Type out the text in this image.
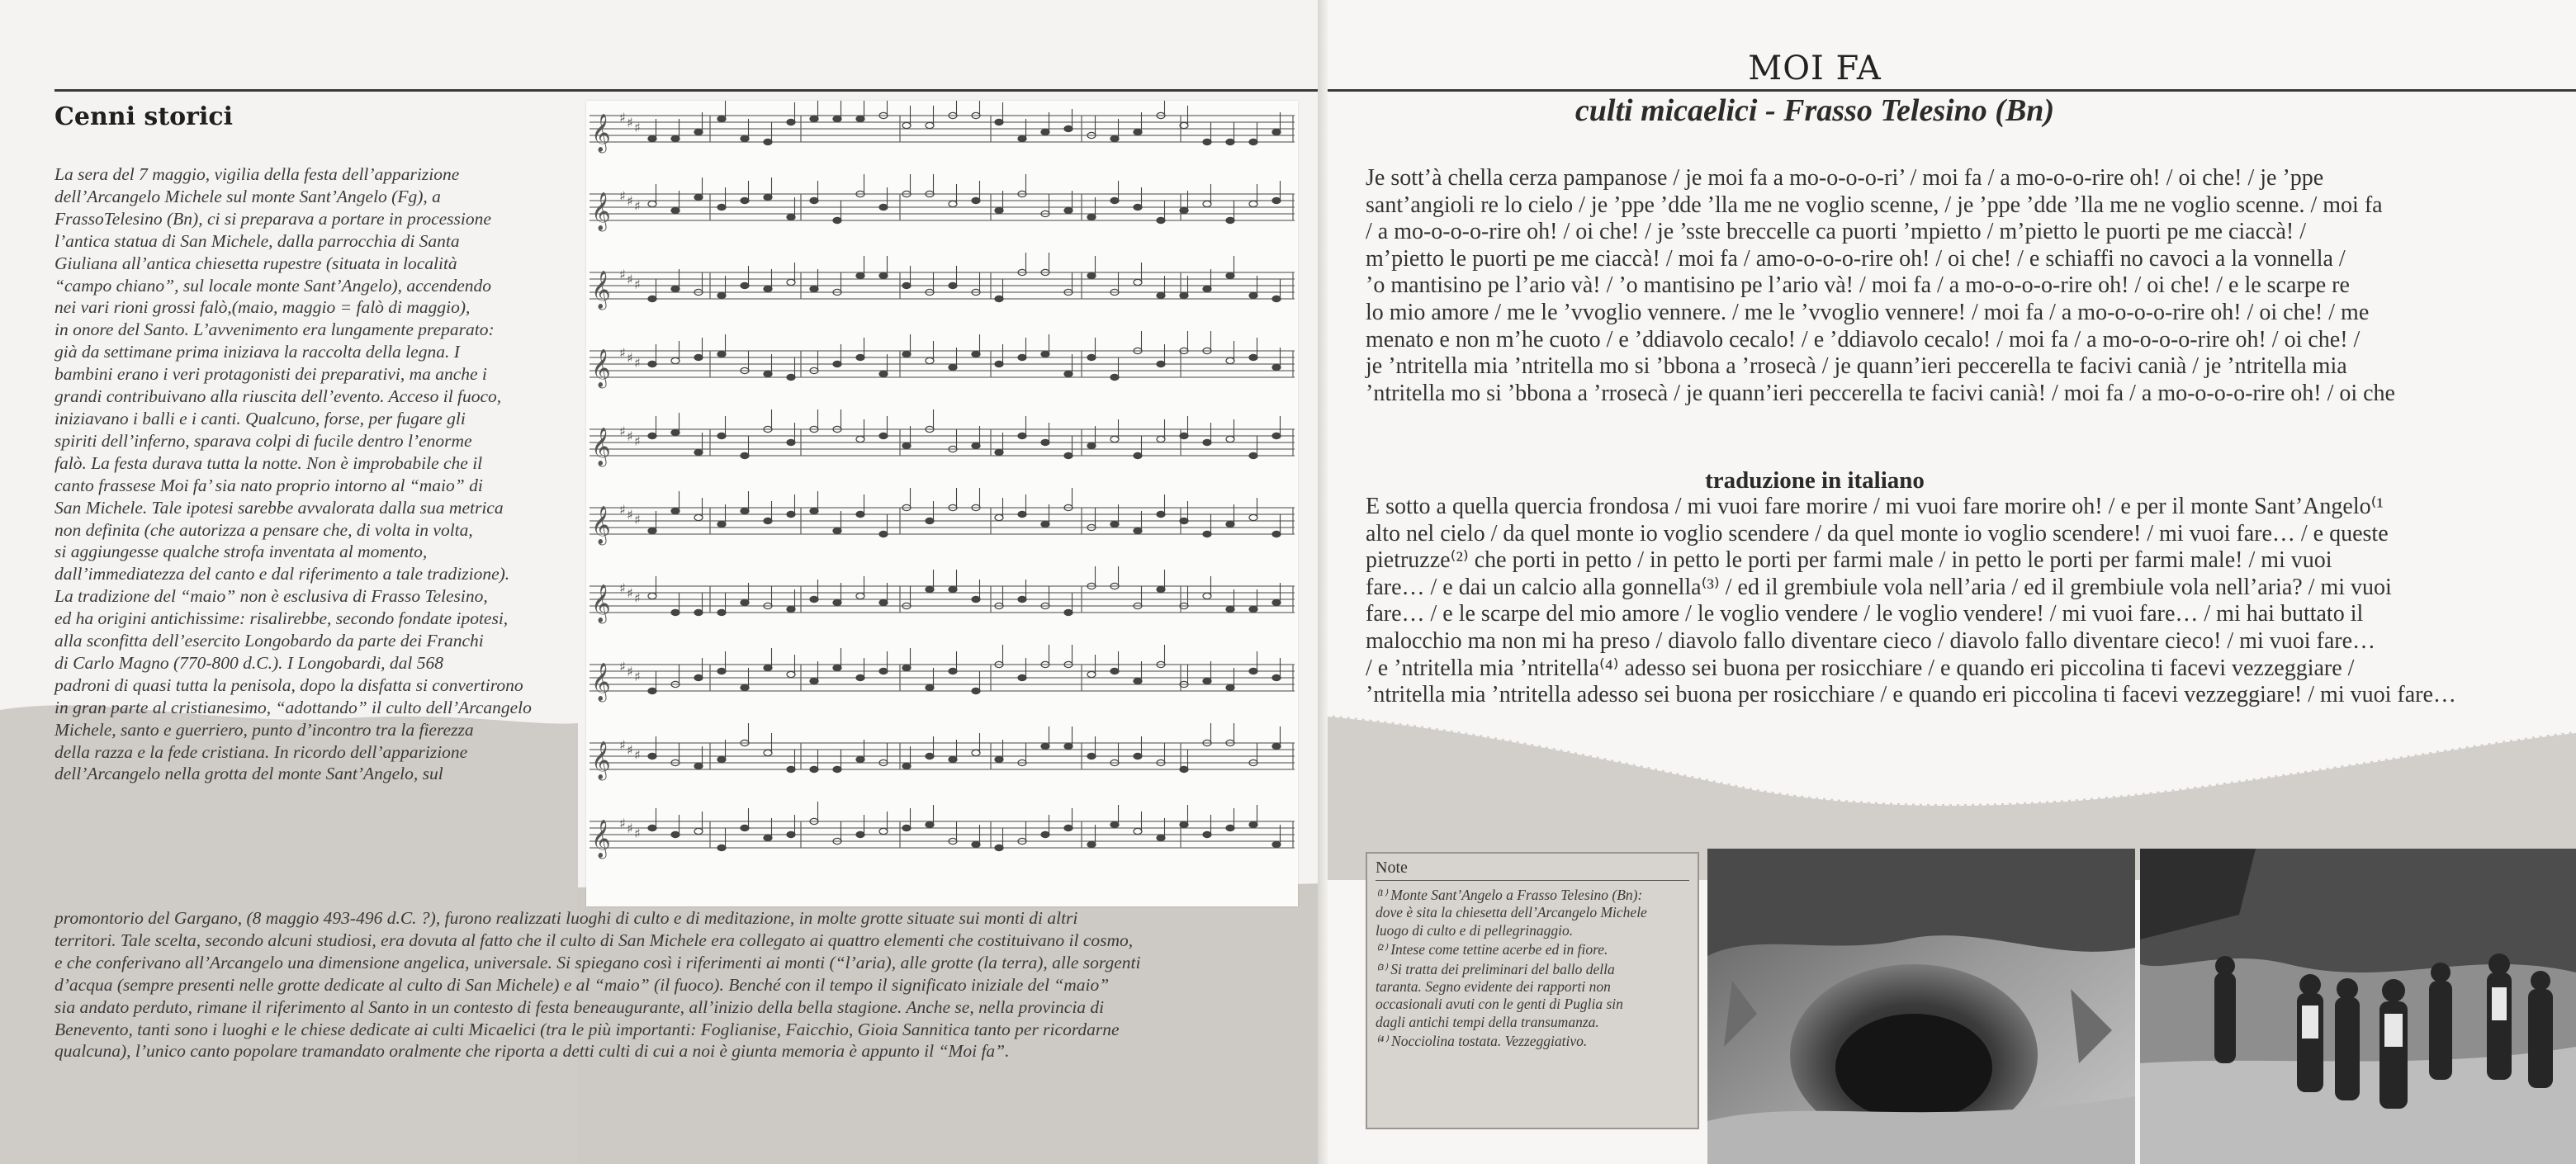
Cenni storici
La sera del 7 maggio, vigilia della festa dell’apparizione
dell’Arcangelo Michele sul monte Sant’Angelo (Fg), a
FrassoTelesino (Bn), ci si preparava a portare in processione
l’antica statua di San Michele, dalla parrocchia di Santa
Giuliana all’antica chiesetta rupestre (situata in località
“campo chiano”, sul locale monte Sant’Angelo), accendendo
nei vari rioni grossi falò,(maio, maggio = falò di maggio),
in onore del Santo. L’avvenimento era lungamente preparato:
già da settimane prima iniziava la raccolta della legna. I
bambini erano i veri protagonisti dei preparativi, ma anche i
grandi contribuivano alla riuscita dell’evento. Acceso il fuoco,
iniziavano i balli e i canti. Qualcuno, forse, per fugare gli
spiriti dell’inferno, sparava colpi di fucile dentro l’enorme
falò. La festa durava tutta la notte. Non è improbabile che il
canto frassese Moi fa’ sia nato proprio intorno al “maio” di
San Michele. Tale ipotesi sarebbe avvalorata dalla sua metrica
non definita (che autorizza a pensare che, di volta in volta,
si aggiungesse qualche strofa inventata al momento,
dall’immediatezza del canto e dal riferimento a tale tradizione).
La tradizione del “maio” non è esclusiva di Frasso Telesino,
ed ha origini antichissime: risalirebbe, secondo fondate ipotesi,
alla sconfitta dell’esercito Longobardo da parte dei Franchi
di Carlo Magno (770-800 d.C.). I Longobardi, dal 568
padroni di quasi tutta la penisola, dopo la disfatta si convertirono
in gran parte al cristianesimo, “adottando” il culto dell’Arcangelo
Michele, santo e guerriero, punto d’incontro tra la fierezza
della razza e la fede cristiana. In ricordo dell’apparizione
dell’Arcangelo nella grotta del monte Sant’Angelo, sul
𝄞 ♯ ♯ ♯
𝄞 ♯ ♯ ♯
𝄞 ♯ ♯ ♯
𝄞 ♯ ♯ ♯
𝄞 ♯ ♯ ♯
𝄞 ♯ ♯ ♯
𝄞 ♯ ♯ ♯
𝄞 ♯ ♯ ♯
𝄞 ♯ ♯ ♯
𝄞 ♯ ♯ ♯
promontorio del Gargano, (8 maggio 493-496 d.C. ?), furono realizzati luoghi di culto e di meditazione, in molte grotte situate sui monti di altri
territori. Tale scelta, secondo alcuni studiosi, era dovuta al fatto che il culto di San Michele era collegato ai quattro elementi che costituivano il cosmo,
e che conferivano all’Arcangelo una dimensione angelica, universale. Si spiegano così i riferimenti ai monti (“l’aria), alle grotte (la terra), alle sorgenti
d’acqua (sempre presenti nelle grotte dedicate al culto di San Michele) e al “maio” (il fuoco). Benché con il tempo il significato iniziale del “maio”
sia andato perduto, rimane il riferimento al Santo in un contesto di festa beneaugurante, all’inizio della bella stagione. Anche se, nella provincia di
Benevento, tanti sono i luoghi e le chiese dedicate ai culti Micaelici (tra le più importanti: Foglianise, Faicchio, Gioia Sannitica tanto per ricordarne
qualcuna), l’unico canto popolare tramandato oralmente che riporta a detti culti di cui a noi è giunta memoria è appunto il “Moi fa”.
MOI FA
culti micaelici - Frasso Telesino (Bn)
Je sott’à chella cerza pampanose / je moi fa a mo-o-o-o-ri’ / moi fa / a mo-o-o-rire oh! / oi che! / je ’ppe
sant’angioli re lo cielo / je ’ppe ’dde ’lla me ne voglio scenne, / je ’ppe ’dde ’lla me ne voglio scenne. / moi fa
/ a mo-o-o-o-rire oh! / oi che! / je ’sste breccelle ca puorti ’mpietto / m’pietto le puorti pe me ciaccà! /
m’pietto le puorti pe me ciaccà! / moi fa / amo-o-o-o-rire oh! / oi che! / e schiaffi no cavoci a la vonnella /
’o mantisino pe l’ario và! / ’o mantisino pe l’ario và! / moi fa / a mo-o-o-o-rire oh! / oi che! / e le scarpe re
lo mio amore / me le ’vvoglio vennere. / me le ’vvoglio vennere! / moi fa / a mo-o-o-o-rire oh! / oi che! / me
menato e non m’he cuoto / e ’ddiavolo cecalo! / e ’ddiavolo cecalo! / moi fa / a mo-o-o-o-rire oh! / oi che! /
je ’ntritella mia ’ntritella mo si ’bbona a ’rrosecà / je quann’ieri peccerella te facivi canià / je ’ntritella mia
’ntritella mo si ’bbona a ’rrosecà / je quann’ieri peccerella te facivi canià! / moi fa / a mo-o-o-o-rire oh! / oi che
traduzione in italiano
E sotto a quella quercia frondosa / mi vuoi fare morire / mi vuoi fare morire oh! / e per il monte Sant’Angelo⁽¹
alto nel cielo / da quel monte io voglio scendere / da quel monte io voglio scendere! / mi vuoi fare… / e queste
pietruzze⁽²⁾ che porti in petto / in petto le porti per farmi male / in petto le porti per farmi male! / mi vuoi
fare… / e dai un calcio alla gonnella⁽³⁾ / ed il grembiule vola nell’aria / ed il grembiule vola nell’aria? / mi vuoi
fare… / e le scarpe del mio amore / le voglio vendere / le voglio vendere! / mi vuoi fare… / mi hai buttato il
malocchio ma non mi ha preso / diavolo fallo diventare cieco / diavolo fallo diventare cieco! / mi vuoi fare…
/ e ’ntritella mia ’ntritella⁽⁴⁾ adesso sei buona per rosicchiare / e quando eri piccolina ti facevi vezzeggiare /
’ntritella mia ’ntritella adesso sei buona per rosicchiare / e quando eri piccolina ti facevi vezzeggiare! / mi vuoi fare…
Note
⁽¹⁾ Monte Sant’Angelo a Frasso Telesino (Bn):
dove è sita la chiesetta dell’Arcangelo Michele
luogo di culto e di pellegrinaggio.
⁽²⁾ Intese come tettine acerbe ed in fiore.
⁽³⁾ Si tratta dei preliminari del ballo della
taranta. Segno evidente dei rapporti non
occasionali avuti con le genti di Puglia sin
dagli antichi tempi della transumanza.
⁽⁴⁾ Nocciolina tostata. Vezzeggiativo.
